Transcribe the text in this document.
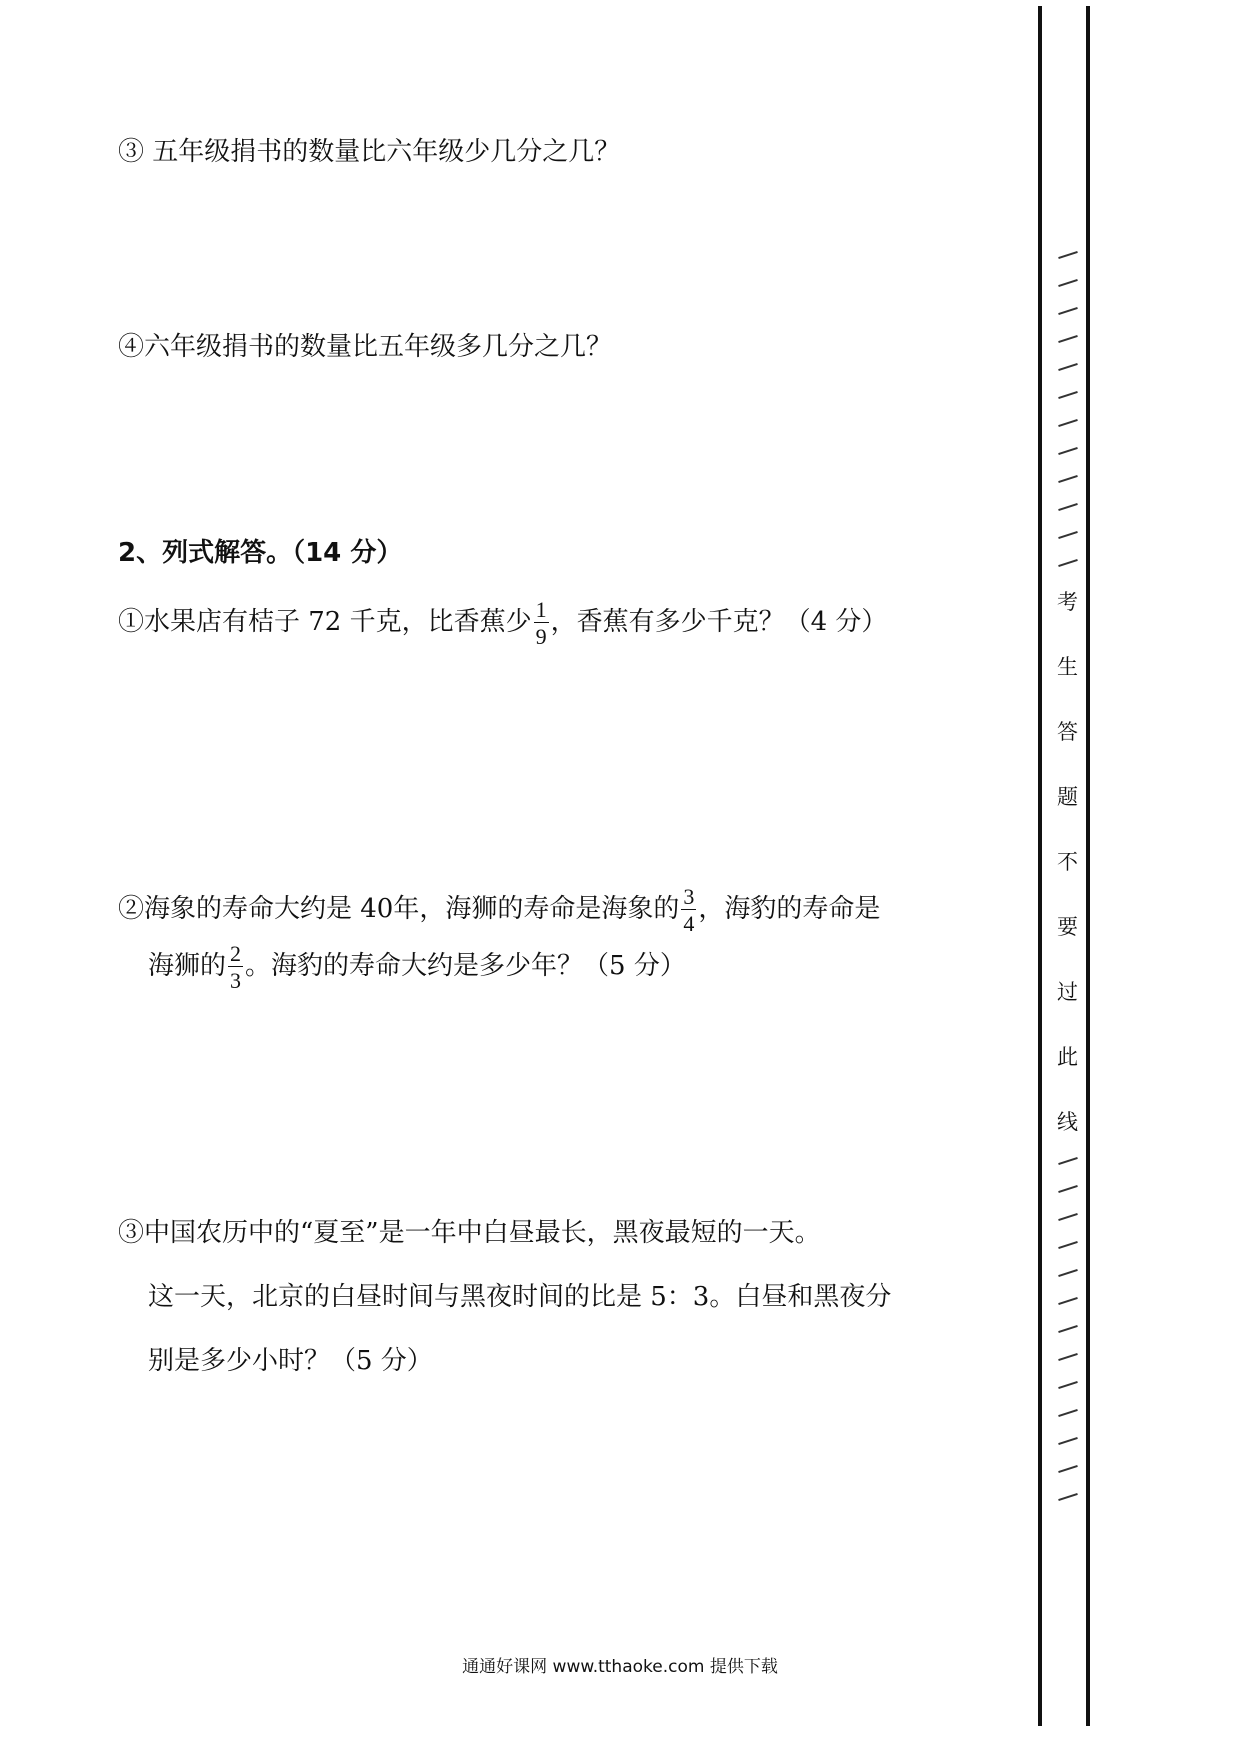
③ 五年级捐书的数量比六年级少几分之几？
④六年级捐书的数量比五年级多几分之几？
2、列式解答。（14 分）
①水果店有桔子 72 千克，比香蕉少 $\frac{1}{9}$ ，香蕉有多少千克？（4 分）
②海象的寿命大约是 40年，海狮的寿命是海象的 $\frac{3}{4}$ ，海豹的寿命是
海狮的 $\frac{2}{3}$ 。海豹的寿命大约是多少年？（5 分）
③中国农历中的“夏至”是一年中白昼最长，黑夜最短的一天。
这一天，北京的白昼时间与黑夜时间的比是 5：3。白昼和黑夜分
别是多少小时？（5 分）
考
生
答
题
不
要
过
此
线
通通好课网 www.tthaoke.com 提供下载
